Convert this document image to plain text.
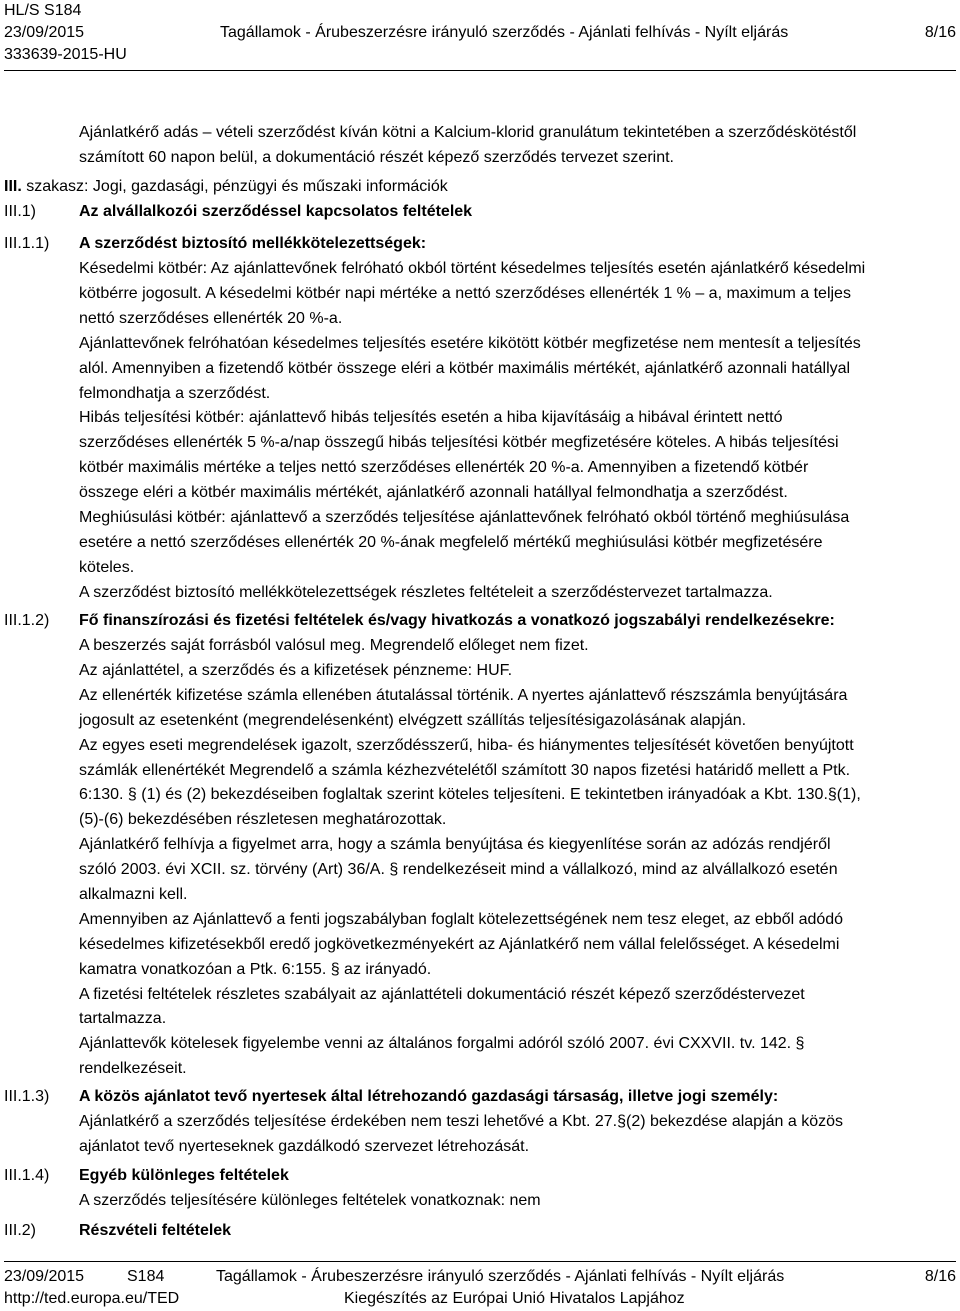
HL/S S184
23/09/2015	Tagállamok - Árubeszerzésre irányuló szerződés - Ajánlati felhívás - Nyílt eljárás	8/16
333639-2015-HU
Ajánlatkérő adás – vételi szerződést kíván kötni a Kalcium-klorid granulátum tekintetében a szerződéskötéstől
számított 60 napon belül, a dokumentáció részét képező szerződés tervezet szerint.
III. szakasz: Jogi, gazdasági, pénzügyi és műszaki információk
III.1)	Az alvállalkozói szerződéssel kapcsolatos feltételek
III.1.1) A szerződést biztosító mellékkötelezettségek:
Késedelmi kötbér: Az ajánlattevőnek felróható okból történt késedelmes teljesítés esetén ajánlatkérő késedelmi
kötbérre jogosult. A késedelmi kötbér napi mértéke a nettó szerződéses ellenérték 1 % – a, maximum a teljes
nettó szerződéses ellenérték 20 %-a.
Ajánlattevőnek felróhatóan késedelmes teljesítés esetére kikötött kötbér megfizetése nem mentesít a teljesítés
alól. Amennyiben a fizetendő kötbér összege eléri a kötbér maximális mértékét, ajánlatkérő azonnali hatállyal
felmondhatja a szerződést.
Hibás teljesítési kötbér: ajánlattevő hibás teljesítés esetén a hiba kijavításáig a hibával érintett nettó
szerződéses ellenérték 5 %-a/nap összegű hibás teljesítési kötbér megfizetésére köteles. A hibás teljesítési
kötbér maximális mértéke a teljes nettó szerződéses ellenérték 20 %-a. Amennyiben a fizetendő kötbér
összege eléri a kötbér maximális mértékét, ajánlatkérő azonnali hatállyal felmondhatja a szerződést.
Meghiúsulási kötbér: ajánlattevő a szerződés teljesítése ajánlattevőnek felróható okból történő meghiúsulása
esetére a nettó szerződéses ellenérték 20 %-ának megfelelő mértékű meghiúsulási kötbér megfizetésére
köteles.
A szerződést biztosító mellékkötelezettségek részletes feltételeit a szerződéstervezet tartalmazza.
III.1.2) Fő finanszírozási és fizetési feltételek és/vagy hivatkozás a vonatkozó jogszabályi rendelkezésekre:
A beszerzés saját forrásból valósul meg. Megrendelő előleget nem fizet.
Az ajánlattétel, a szerződés és a kifizetések pénzneme: HUF.
Az ellenérték kifizetése számla ellenében átutalással történik. A nyertes ajánlattevő részszámla benyújtására
jogosult az esetenként (megrendelésenként) elvégzett szállítás teljesítésigazolásának alapján.
Az egyes eseti megrendelések igazolt, szerződésszerű, hiba- és hiánymentes teljesítését követően benyújtott
számlák ellenértékét Megrendelő a számla kézhezvételétől számított 30 napos fizetési határidő mellett a Ptk.
6:130. § (1) és (2) bekezdéseiben foglaltak szerint köteles teljesíteni. E tekintetben irányadóak a Kbt. 130.§(1),
(5)-(6) bekezdésében részletesen meghatározottak.
Ajánlatkérő felhívja a figyelmet arra, hogy a számla benyújtása és kiegyenlítése során az adózás rendjéről
szóló 2003. évi XCII. sz. törvény (Art) 36/A. § rendelkezéseit mind a vállalkozó, mind az alvállalkozó esetén
alkalmazni kell.
Amennyiben az Ajánlattevő a fenti jogszabályban foglalt kötelezettségének nem tesz eleget, az ebből adódó
késedelmes kifizetésekből eredő jogkövetkezményekért az Ajánlatkérő nem vállal felelősséget. A késedelmi
kamatra vonatkozóan a Ptk. 6:155. § az irányadó.
A fizetési feltételek részletes szabályait az ajánlattételi dokumentáció részét képező szerződéstervezet
tartalmazza.
Ajánlattevők kötelesek figyelembe venni az általános forgalmi adóról szóló 2007. évi CXXVII. tv. 142. §
rendelkezéseit.
III.1.3) A közös ajánlatot tevő nyertesek által létrehozandó gazdasági társaság, illetve jogi személy:
Ajánlatkérő a szerződés teljesítése érdekében nem teszi lehetővé a Kbt. 27.§(2) bekezdése alapján a közös
ajánlatot tevő nyerteseknek gazdálkodó szervezet létrehozását.
III.1.4) Egyéb különleges feltételek
A szerződés teljesítésére különleges feltételek vonatkoznak: nem
III.2)	Részvételi feltételek
23/09/2015	S184	Tagállamok - Árubeszerzésre irányuló szerződés - Ajánlati felhívás - Nyílt eljárás	8/16
http://ted.europa.eu/TED	Kiegészítés az Európai Unió Hivatalos Lapjához
